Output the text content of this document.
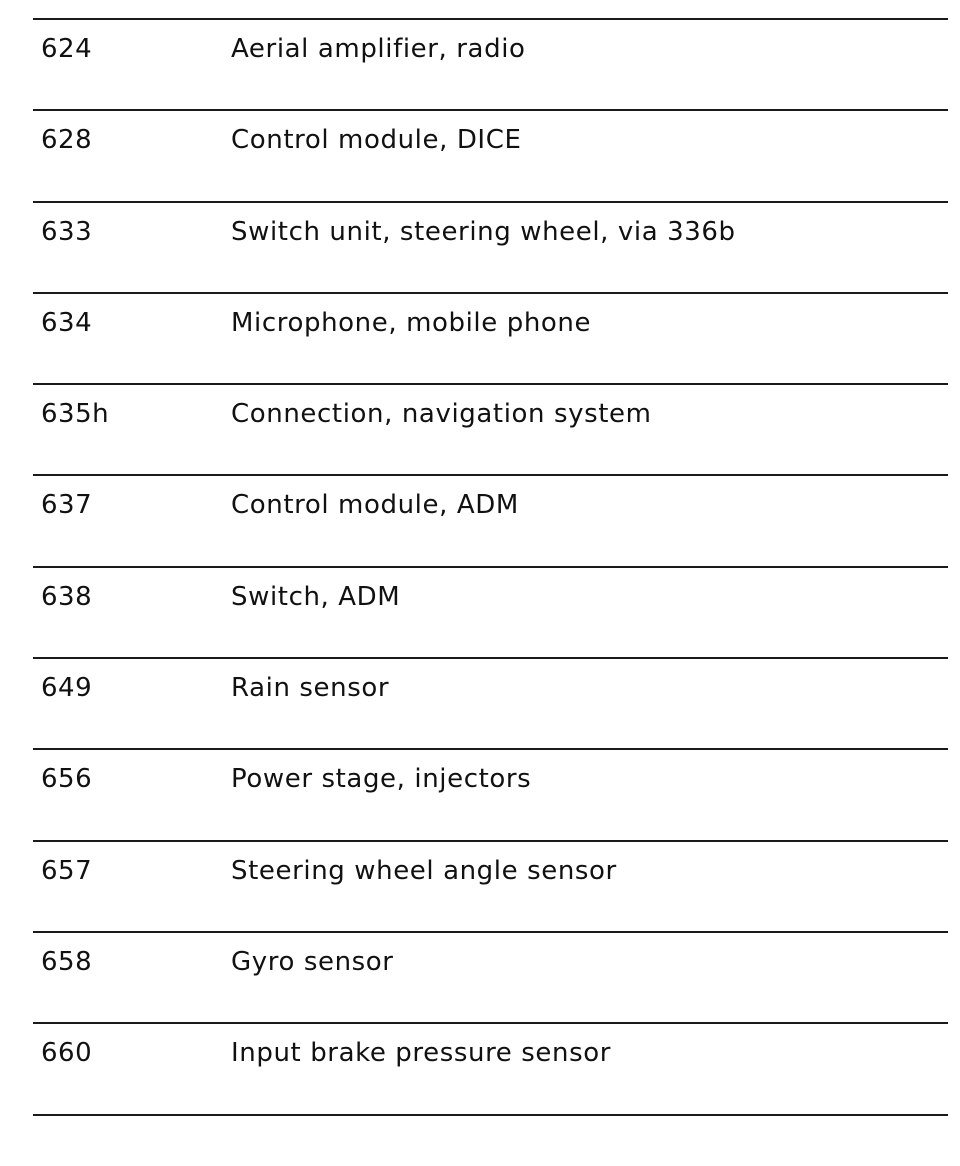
624	Aerial amplifier, radio
628	Control module, DICE
633	Switch unit, steering wheel, via 336b
634	Microphone, mobile phone
635h	Connection, navigation system
637	Control module, ADM
638	Switch, ADM
649	Rain sensor
656	Power stage, injectors
657	Steering wheel angle sensor
658	Gyro sensor
660	Input brake pressure sensor
